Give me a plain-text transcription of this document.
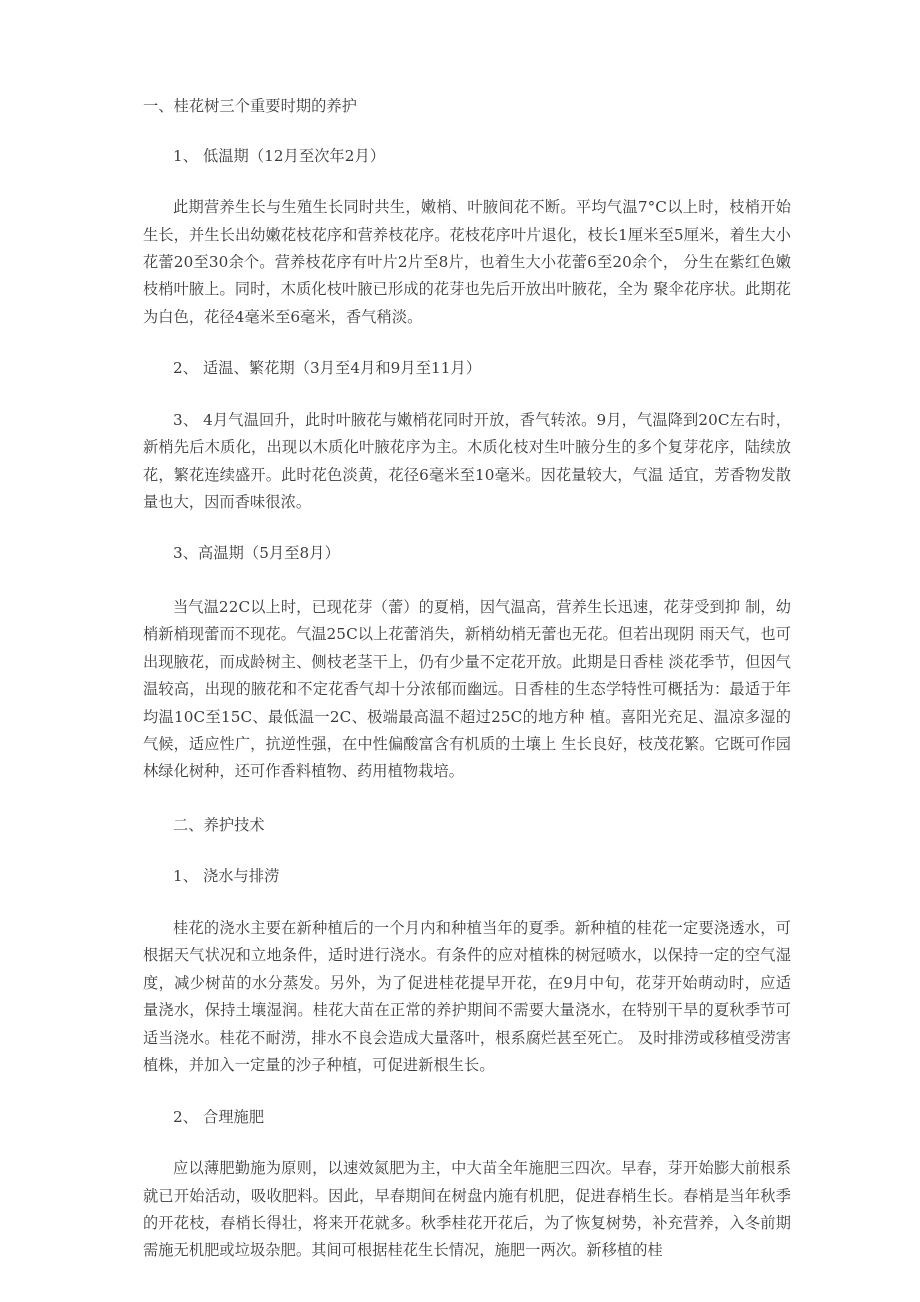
一、桂花树三个重要时期的养护

1、 低温期（12月至次年2月）

此期营养生长与生殖生长同时共生，嫩梢、叶腋间花不断。平均气温7°C以上时，枝梢开始生长，并生长出幼嫩花枝花序和营养枝花序。花枝花序叶片退化，枝长1厘米至5厘米，着生大小花蕾20至30余个。营养枝花序有叶片2片至8片，也着生大小花蕾6至20余个， 分生在紫红色嫩枝梢叶腋上。同时，木质化枝叶腋已形成的花芽也先后开放出叶腋花，全为 聚伞花序状。此期花为白色，花径4毫米至6毫米，香气稍淡。

2、 适温、繁花期（3月至4月和9月至11月）

3、 4月气温回升，此时叶腋花与嫩梢花同时开放，香气转浓。9月，气温降到20C左右时，新梢先后木质化，出现以木质化叶腋花序为主。木质化枝对生叶腋分生的多个复芽花序，陆续放花，繁花连续盛开。此时花色淡黄，花径6毫米至10毫米。因花量较大，气温 适宜，芳香物发散量也大，因而香味很浓。

3、高温期（5月至8月）

当气温22C以上时，已现花芽（蕾）的夏梢，因气温高，营养生长迅速，花芽受到抑 制，幼梢新梢现蕾而不现花。气温25C以上花蕾消失，新梢幼梢无蕾也无花。但若出现阴 雨天气，也可出现腋花，而成龄树主、侧枝老茎干上，仍有少量不定花开放。此期是日香桂 淡花季节，但因气温较高，出现的腋花和不定花香气却十分浓郁而幽远。日香桂的生态学特性可概括为：最适于年均温10C至15C、最低温一2C、极端最高温不超过25C的地方种 植。喜阳光充足、温凉多湿的气候，适应性广，抗逆性强，在中性偏酸富含有机质的土壤上 生长良好，枝茂花繁。它既可作园林绿化树种，还可作香料植物、药用植物栽培。

二、养护技术

1、 浇水与排涝

桂花的浇水主要在新种植后的一个月内和种植当年的夏季。新种植的桂花一定要浇透水，可根据天气状况和立地条件，适时进行浇水。有条件的应对植株的树冠喷水，以保持一定的空气湿度，减少树苗的水分蒸发。另外，为了促进桂花提早开花，在9月中旬，花芽开始萌动时，应适量浇水，保持土壤湿润。桂花大苗在正常的养护期间不需要大量浇水，在特别干旱的夏秋季节可适当浇水。桂花不耐涝，排水不良会造成大量落叶，根系腐烂甚至死亡。 及时排涝或移植受涝害植株，并加入一定量的沙子种植，可促进新根生长。

2、 合理施肥

应以薄肥勤施为原则，以速效氮肥为主，中大苗全年施肥三四次。早春，芽开始膨大前根系就已开始活动，吸收肥料。因此，早春期间在树盘内施有机肥，促进春梢生长。春梢是当年秋季的开花枝，春梢长得壮，将来开花就多。秋季桂花开花后，为了恢复树势，补充营养，入冬前期需施无机肥或垃圾杂肥。其间可根据桂花生长情况，施肥一两次。新移植的桂
